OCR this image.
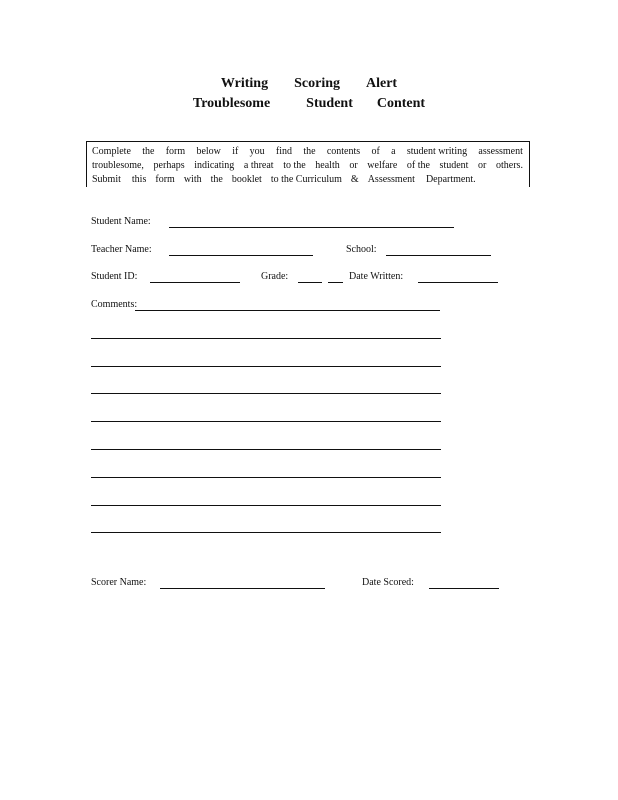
Writing Scoring Alert
Troublesome	Student Content
Complete the form below if you find the contents of a student writing assessment
troublesome, perhaps indicating a threat to the health or welfare of the student or others.
Submit this form with the booklet to the Curriculum & Assessment Department.
Student Name:
Teacher Name:	School:
Student ID:	Grade:	Date Written:
Comments:
Scorer Name:	Date Scored:
